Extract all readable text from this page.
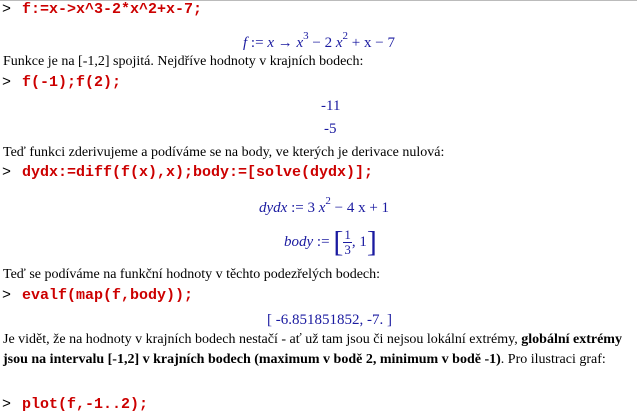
> f:=x->x^3-2*x^2+x-7;
f := $x \to x^3 - 2$ $x^2 + x - 7$
Funkce je na [-1,2] spojitá. Nejdříve hodnoty v krajních bodech:
> f(-1);f(2);
-11
-5
Teď funkci zderivujeme a podíváme se na body, ve kterých je derivace nulová:
> dydx:=diff(f(x),x);body:=[solve(dydx)];
dydx := 3 $x^2 - 4$ x + 1
body := [ $\frac{1}{3}$ , 1]
Teď se podíváme na funkční hodnoty v těchto podezřelých bodech:
> evalf(map(f,body));
[ -6.851851852, -7. ]
Je vidět, že na hodnoty v krajních bodech nestačí - ať už tam jsou či nejsou lokální extrémy, globální extrémy jsou na intervalu [-1,2] v krajních bodech (maximum v bodě 2, minimum v bodě -1). Pro ilustraci graf:
> plot(f,-1..2);
